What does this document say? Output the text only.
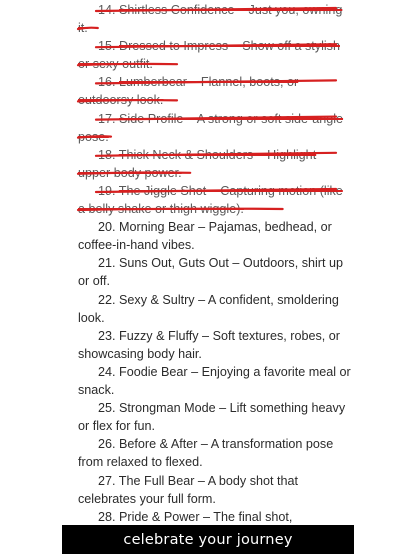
14. Shirtless Confidence – Just you, owning
it.
15. Dressed to Impress – Show off a stylish
or sexy outfit.
16. Lumberbear – Flannel, boots, or
outdoorsy look.
17. Side Profile – A strong or soft side-angle
pose.
18. Thick Neck & Shoulders – Highlight
upper body power.
19. The Jiggle Shot – Capturing motion (like
a belly shake or thigh wiggle).
20. Morning Bear – Pajamas, bedhead, or
coffee-in-hand vibes.
21. Suns Out, Guts Out – Outdoors, shirt up
or off.
22. Sexy & Sultry – A confident, smoldering
look.
23. Fuzzy & Fluffy – Soft textures, robes, or
showcasing body hair.
24. Foodie Bear – Enjoying a favorite meal or
snack.
25. Strongman Mode – Lift something heavy
or flex for fun.
26. Before & After – A transformation pose
from relaxed to flexed.
27. The Full Bear – A body shot that
celebrates your full form.
28. Pride & Power – The final shot,
celebrate your journey
